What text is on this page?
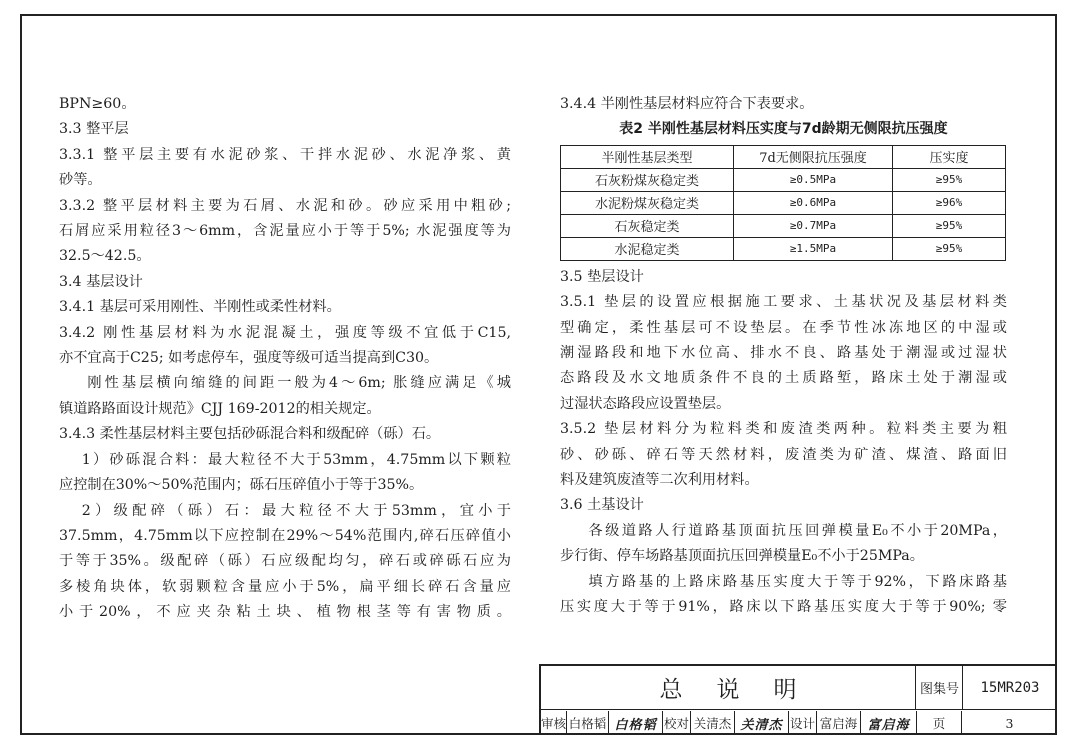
BPN≥60。

3.3 整平层

3.3.1 整平层主要有水泥砂浆、干拌水泥砂、水泥净浆、黄

砂等。

3.3.2 整平层材料主要为石屑、水泥和砂。砂应采用中粗砂;

石屑应采用粒径3～6mm，含泥量应小于等于5%; 水泥强度等为

32.5～42.5。

3.4 基层设计

3.4.1 基层可采用刚性、半刚性或柔性材料。

3.4.2 刚性基层材料为水泥混凝土，强度等级不宜低于C15,

亦不宜高于C25; 如考虑停车，强度等级可适当提高到C30。

刚性基层横向缩缝的间距一般为4～6m; 胀缝应满足《城

镇道路路面设计规范》CJJ 169-2012的相关规定。

3.4.3 柔性基层材料主要包括砂砾混合料和级配碎（砾）石。

1）砂砾混合料：最大粒径不大于53mm，4.75mm以下颗粒

应控制在30%～50%范围内；砾石压碎值小于等于35%。

2）级配碎（砾）石：最大粒径不大于53mm，宜小于

37.5mm，4.75mm以下应控制在29%～54%范围内,碎石压碎值小

于等于35%。级配碎（砾）石应级配均匀，碎石或碎砾石应为

多棱角块体，软弱颗粒含量应小于5%，扁平细长碎石含量应

小于20%，不应夹杂粘土块、植物根茎等有害物质。

3.4.4 半刚性基层材料应符合下表要求。

表2 半刚性基层材料压实度与7d龄期无侧限抗压强度

半刚性基层类型	7d无侧限抗压强度	压实度
石灰粉煤灰稳定类	≥0.5MPa	≥95%
水泥粉煤灰稳定类	≥0.6MPa	≥96%
石灰稳定类	≥0.7MPa	≥95%
水泥稳定类	≥1.5MPa	≥95%

3.5 垫层设计

3.5.1 垫层的设置应根据施工要求、土基状况及基层材料类

型确定，柔性基层可不设垫层。在季节性冰冻地区的中湿或

潮湿路段和地下水位高、排水不良、路基处于潮湿或过湿状

态路段及水文地质条件不良的土质路堑，路床土处于潮湿或

过湿状态路段应设置垫层。

3.5.2 垫层材料分为粒料类和废渣类两种。粒料类主要为粗

砂、砂砾、碎石等天然材料，废渣类为矿渣、煤渣、路面旧

料及建筑废渣等二次利用材料。

3.6 土基设计

各级道路人行道路基顶面抗压回弹模量E₀不小于20MPa，

步行街、停车场路基顶面抗压回弹模量E₀不小于25MPa。

填方路基的上路床路基压实度大于等于92%，下路床路基

压实度大于等于91%，路床以下路基压实度大于等于90%; 零

总说明	图集号	15MR203
审核 白格韬 白格韬 校对 关清杰 关清杰 设计 富启海 富启海	页	3
